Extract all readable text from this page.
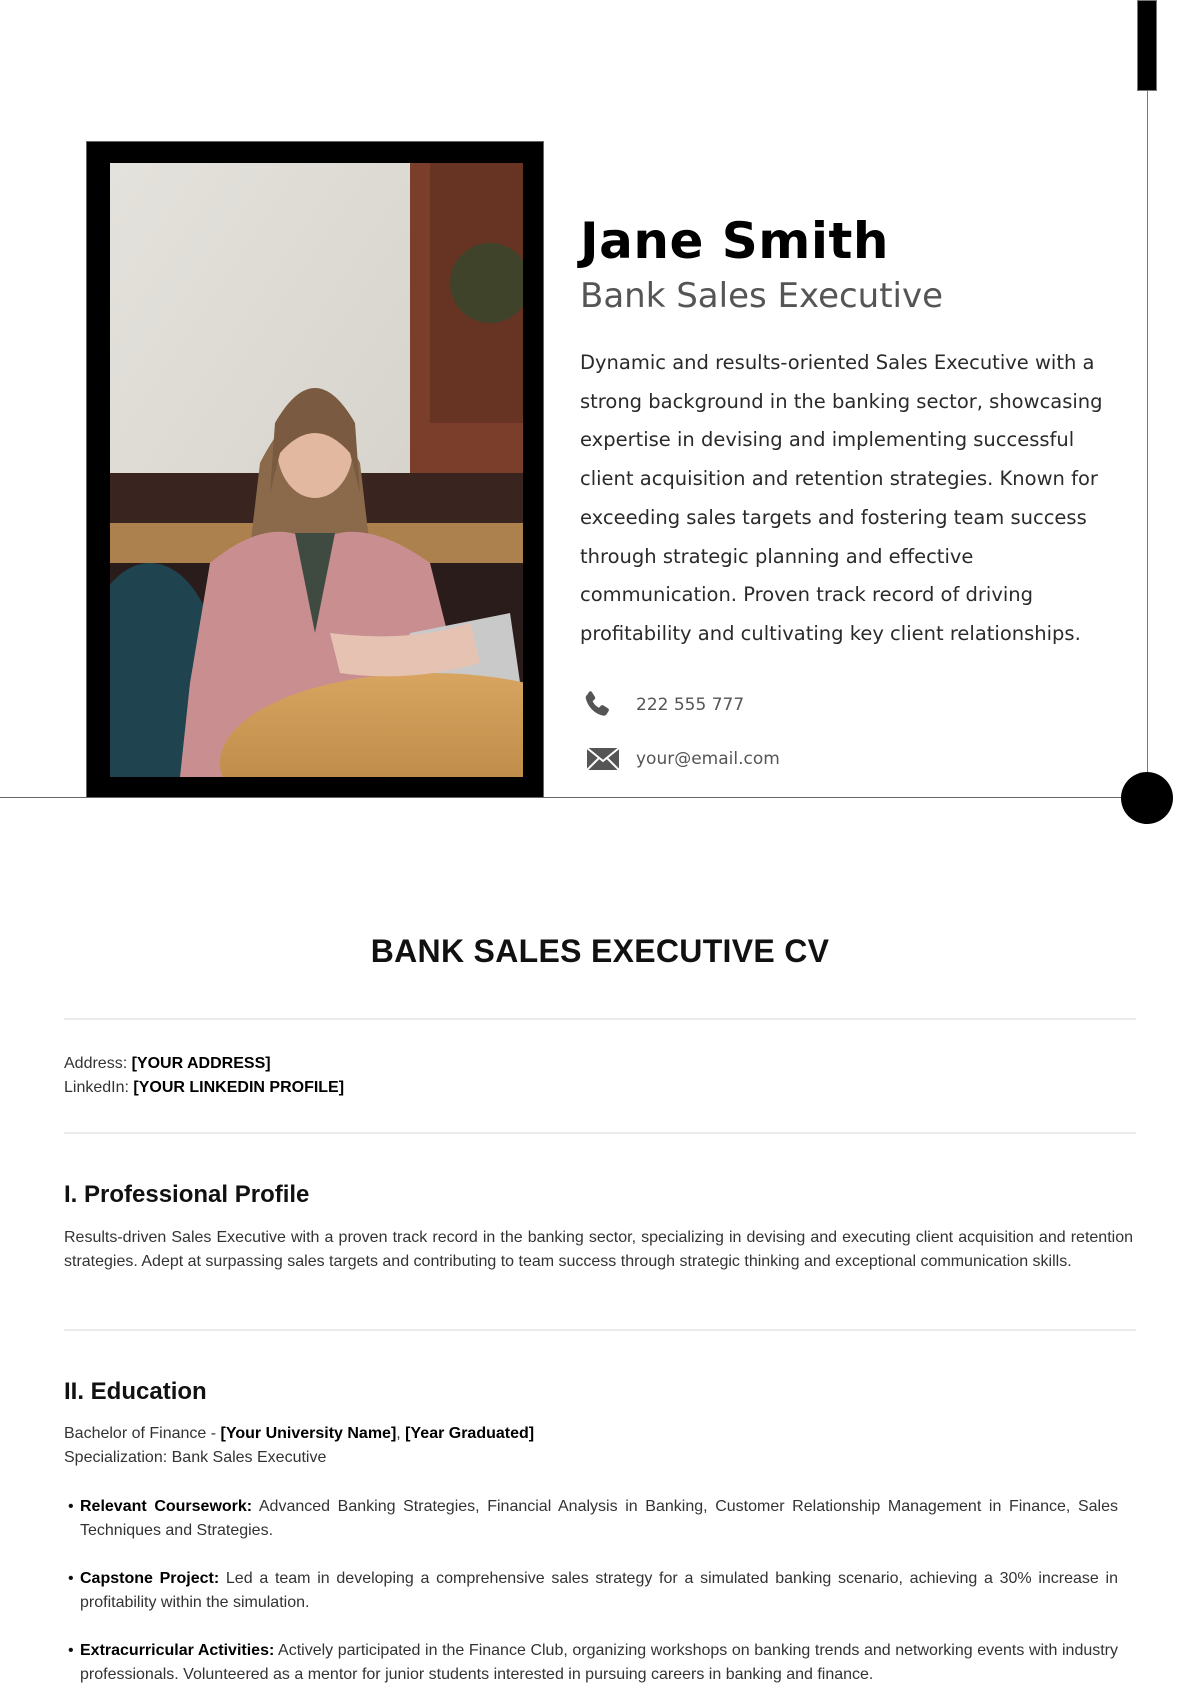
Jane Smith
Bank Sales Executive
Dynamic and results-oriented Sales Executive with a strong background in the banking sector, showcasing expertise in devising and implementing successful client acquisition and retention strategies. Known for exceeding sales targets and fostering team success through strategic planning and effective communication. Proven track record of driving profitability and cultivating key client relationships.
222 555 777
your@email.com
BANK SALES EXECUTIVE CV
Address: [YOUR ADDRESS]
LinkedIn: [YOUR LINKEDIN PROFILE]
I. Professional Profile
Results-driven Sales Executive with a proven track record in the banking sector, specializing in devising and executing client acquisition and retention strategies. Adept at surpassing sales targets and contributing to team success through strategic thinking and exceptional communication skills.
II. Education
Bachelor of Finance - [Your University Name], [Year Graduated]
Specialization: Bank Sales Executive
• Relevant Coursework: Advanced Banking Strategies, Financial Analysis in Banking, Customer Relationship Management in Finance, Sales Techniques and Strategies.
• Capstone Project: Led a team in developing a comprehensive sales strategy for a simulated banking scenario, achieving a 30% increase in profitability within the simulation.
• Extracurricular Activities: Actively participated in the Finance Club, organizing workshops on banking trends and networking events with industry professionals. Volunteered as a mentor for junior students interested in pursuing careers in banking and finance.
